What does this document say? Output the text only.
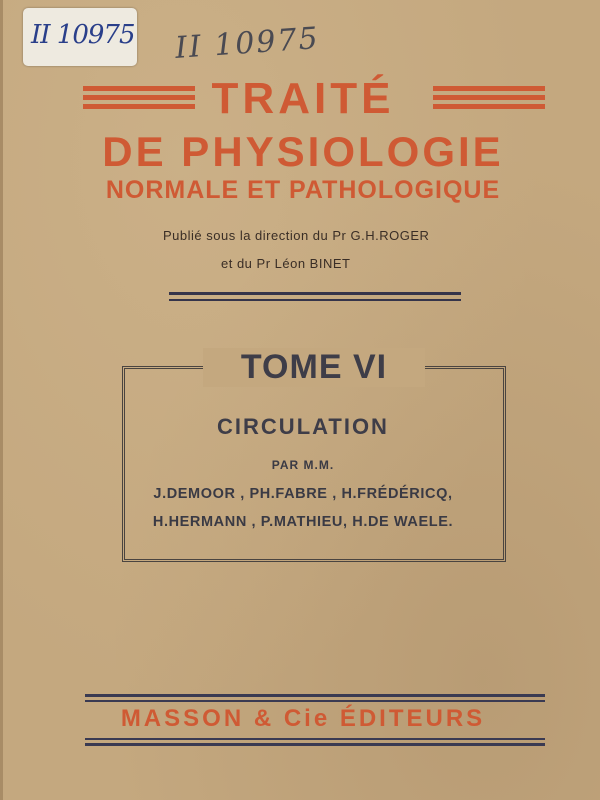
II 10975 II 10975
TRAITÉ
DE PHYSIOLOGIE
NORMALE ET PATHOLOGIQUE
Publié sous la direction du Pr G.H.ROGER
et du Pr Léon BINET
TOME VI
CIRCULATION
PAR M.M.
J.DEMOOR , PH.FABRE , H.FRÉDÉRICQ,
H.HERMANN , P.MATHIEU, H.DE WAELE.
MASSON & Cie ÉDITEURS
